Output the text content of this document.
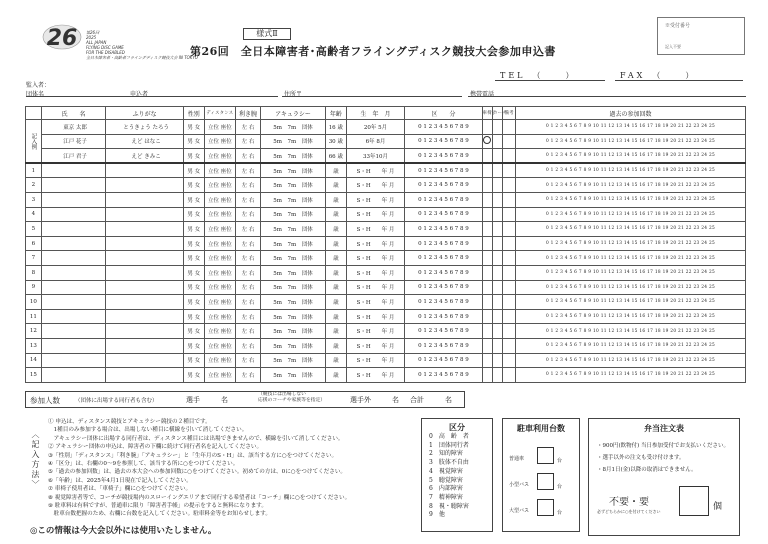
26 第26回
2025
ALL JAPAN
FLYING DISC GAME
FOR THE DISABLED
全日本障害者・高齢者フライングディスク競技大会 IN TOKYO
様式Ⅱ
第26回　全日本障害者･高齢者フライングディスク競技大会参加申込書
※受付番号
記入不要
監入者：
団体名	申込者	住所〒	携帯電話
TEL　（　　）	FAX　（　　）
	氏　　名	ふりがな	性別	ディスタンス	利き腕	アキュラシー	年齢	生　年　月	区　　分	車椅子	コーチ	備考	過去の参加回数
記入例	東京 太郎	とうきょう たろう	男 女	立位 座位	左 右	5m　7m　団体	16 歳	20年 5月	0 1 2 3 4 5 6 7 8 9				0 1 2 3 4 5 6 7 8 9 10 11 12 13 14 15 16 17 18 19 20 21 22 23 24 25
	江戸 花子	えど はなこ	男 女	立位 座位	左 右	5m　7m　団体	30 歳	6年 8月	0 1 2 3 4 5 6 7 8 9				0 1 2 3 4 5 6 7 8 9 10 11 12 13 14 15 16 17 18 19 20 21 22 23 24 25
	江戸 君子	えど きみこ	男 女	立位 座位	左 右	5m　7m　団体	66 歳	33年10月	0 1 2 3 4 5 6 7 8 9				0 1 2 3 4 5 6 7 8 9 10 11 12 13 14 15 16 17 18 19 20 21 22 23 24 25
1			男 女	立位 座位	左 右	5m　7m　団体	歳	S・H　　年 月	0 1 2 3 4 5 6 7 8 9				0 1 2 3 4 5 6 7 8 9 10 11 12 13 14 15 16 17 18 19 20 21 22 23 24 25
2			男 女	立位 座位	左 右	5m　7m　団体	歳	S・H　　年 月	0 1 2 3 4 5 6 7 8 9				0 1 2 3 4 5 6 7 8 9 10 11 12 13 14 15 16 17 18 19 20 21 22 23 24 25
3			男 女	立位 座位	左 右	5m　7m　団体	歳	S・H　　年 月	0 1 2 3 4 5 6 7 8 9				0 1 2 3 4 5 6 7 8 9 10 11 12 13 14 15 16 17 18 19 20 21 22 23 24 25
4			男 女	立位 座位	左 右	5m　7m　団体	歳	S・H　　年 月	0 1 2 3 4 5 6 7 8 9				0 1 2 3 4 5 6 7 8 9 10 11 12 13 14 15 16 17 18 19 20 21 22 23 24 25
5			男 女	立位 座位	左 右	5m　7m　団体	歳	S・H　　年 月	0 1 2 3 4 5 6 7 8 9				0 1 2 3 4 5 6 7 8 9 10 11 12 13 14 15 16 17 18 19 20 21 22 23 24 25
6			男 女	立位 座位	左 右	5m　7m　団体	歳	S・H　　年 月	0 1 2 3 4 5 6 7 8 9				0 1 2 3 4 5 6 7 8 9 10 11 12 13 14 15 16 17 18 19 20 21 22 23 24 25
7			男 女	立位 座位	左 右	5m　7m　団体	歳	S・H　　年 月	0 1 2 3 4 5 6 7 8 9				0 1 2 3 4 5 6 7 8 9 10 11 12 13 14 15 16 17 18 19 20 21 22 23 24 25
8			男 女	立位 座位	左 右	5m　7m　団体	歳	S・H　　年 月	0 1 2 3 4 5 6 7 8 9				0 1 2 3 4 5 6 7 8 9 10 11 12 13 14 15 16 17 18 19 20 21 22 23 24 25
9			男 女	立位 座位	左 右	5m　7m　団体	歳	S・H　　年 月	0 1 2 3 4 5 6 7 8 9				0 1 2 3 4 5 6 7 8 9 10 11 12 13 14 15 16 17 18 19 20 21 22 23 24 25
10			男 女	立位 座位	左 右	5m　7m　団体	歳	S・H　　年 月	0 1 2 3 4 5 6 7 8 9				0 1 2 3 4 5 6 7 8 9 10 11 12 13 14 15 16 17 18 19 20 21 22 23 24 25
11			男 女	立位 座位	左 右	5m　7m　団体	歳	S・H　　年 月	0 1 2 3 4 5 6 7 8 9				0 1 2 3 4 5 6 7 8 9 10 11 12 13 14 15 16 17 18 19 20 21 22 23 24 25
12			男 女	立位 座位	左 右	5m　7m　団体	歳	S・H　　年 月	0 1 2 3 4 5 6 7 8 9				0 1 2 3 4 5 6 7 8 9 10 11 12 13 14 15 16 17 18 19 20 21 22 23 24 25
13			男 女	立位 座位	左 右	5m　7m　団体	歳	S・H　　年 月	0 1 2 3 4 5 6 7 8 9				0 1 2 3 4 5 6 7 8 9 10 11 12 13 14 15 16 17 18 19 20 21 22 23 24 25
14			男 女	立位 座位	左 右	5m　7m　団体	歳	S・H　　年 月	0 1 2 3 4 5 6 7 8 9				0 1 2 3 4 5 6 7 8 9 10 11 12 13 14 15 16 17 18 19 20 21 22 23 24 25
15			男 女	立位 座位	左 右	5m　7m　団体	歳	S・H　　年 月	0 1 2 3 4 5 6 7 8 9				0 1 2 3 4 5 6 7 8 9 10 11 12 13 14 15 16 17 18 19 20 21 22 23 24 25
参加人数	（団体に出場する同行者も含む）	選手　　　名
（競技には出場しない
応援のコーチや家族等を指定）	選手外　　　名 合計　　　名
〈記入方法〉
① 申込は、ディスタンス競技とアキュラシー競技の２種目です。
　1種目のみ参加する場合は、出場しない種目に横線を引いて消してください。
　アキュラシー団体に出場する同行者は、ディスタンス種目には出場できませんので、横線を引いて消してください。
② アキュラシー団体の申込は、障害者の下欄に続けて同行者名を記入してください。
③「性別」「ディスタンス」「利き腕」「アキュラシー」と「生年月のS・H」は、該当する方に○をつけてください。
④「区分」は、右欄の0～9を参照して、該当する所に○をつけてください。
⑤「過去の参加回数」は、過去の本大会への参加回数に○をつけてください。初めての方は、0に○をつけてください。
⑥「年齢」は、2025年4月1日現在で記入してください。
⑦ 車椅子使用者は、「車椅子」欄に○をつけてください。
⑧ 視覚障害者等で、コーチが競技場内のスローイングエリアまで同行する希望者は「コーチ」欄に○をつけてください。
⑨ 駐車料は有料ですが、普通車に限り「障害者手帳」の提示をすると無料になります。
　駐車台数把握のため、右欄に台数を記入してください。駐車料金等をお知らせします。
区分
0　高　齢　者
1　団体同行者
2　知的障害
3　肢体不自由
4　視覚障害
5　聴覚障害
6　内部障害
7　精神障害
8　視・聴障害
9　他
駐車利用台数
普通車	台
小型バス	台
大型バス	台
弁当注文表
・900円(飲物付) 当日参加受付でお支払いください。
・選手以外の注文も受け付けます。
・8月1日(金)以降の取消はできません。
不要・要
必ずどちらかに○を付けてください	個
◎この情報は今大会以外には使用いたしません。
